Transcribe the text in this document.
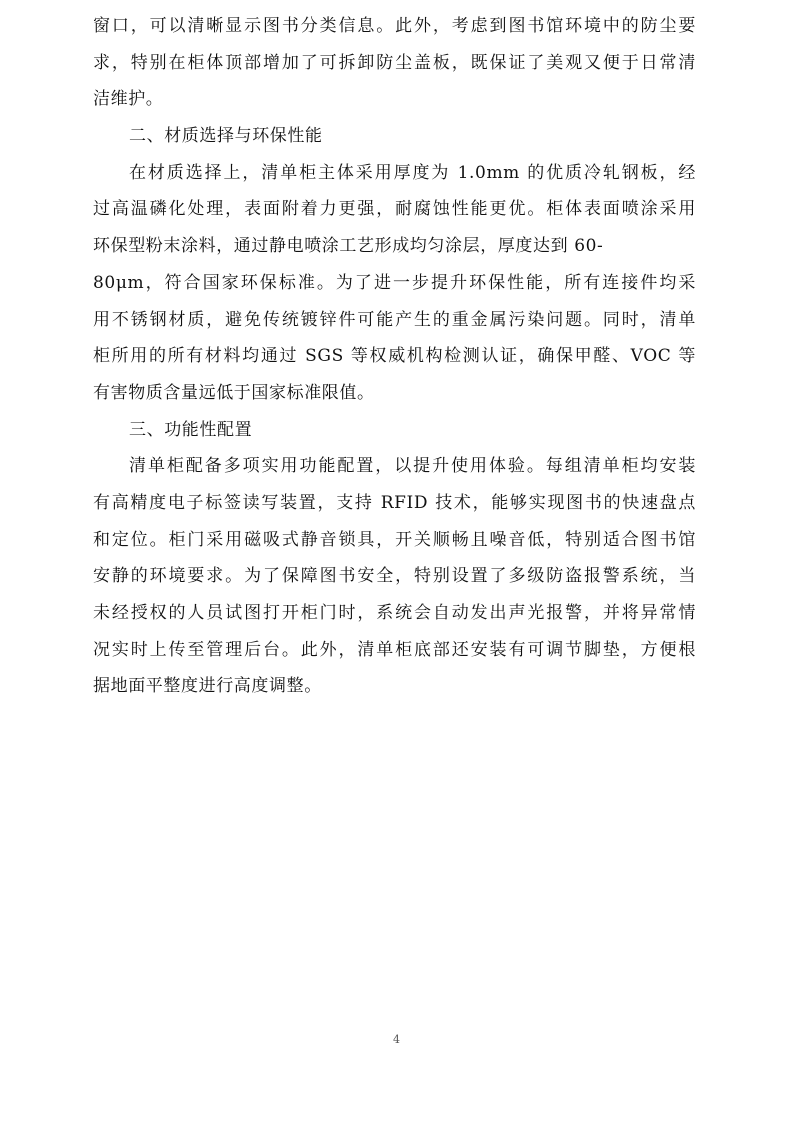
窗口，可以清晰显示图书分类信息。此外，考虑到图书馆环境中的防尘要
求，特别在柜体顶部增加了可拆卸防尘盖板，既保证了美观又便于日常清
洁维护。
二、材质选择与环保性能
在材质选择上，清单柜主体采用厚度为 1.0mm 的优质冷轧钢板，经
过高温磷化处理，表面附着力更强，耐腐蚀性能更优。柜体表面喷涂采用
环保型粉末涂料，通过静电喷涂工艺形成均匀涂层，厚度达到 60-
80μm，符合国家环保标准。为了进一步提升环保性能，所有连接件均采
用不锈钢材质，避免传统镀锌件可能产生的重金属污染问题。同时，清单
柜所用的所有材料均通过 SGS 等权威机构检测认证，确保甲醛、VOC 等
有害物质含量远低于国家标准限值。
三、功能性配置
清单柜配备多项实用功能配置，以提升使用体验。每组清单柜均安装
有高精度电子标签读写装置，支持 RFID 技术，能够实现图书的快速盘点
和定位。柜门采用磁吸式静音锁具，开关顺畅且噪音低，特别适合图书馆
安静的环境要求。为了保障图书安全，特别设置了多级防盗报警系统，当
未经授权的人员试图打开柜门时，系统会自动发出声光报警，并将异常情
况实时上传至管理后台。此外，清单柜底部还安装有可调节脚垫，方便根
据地面平整度进行高度调整。
4
